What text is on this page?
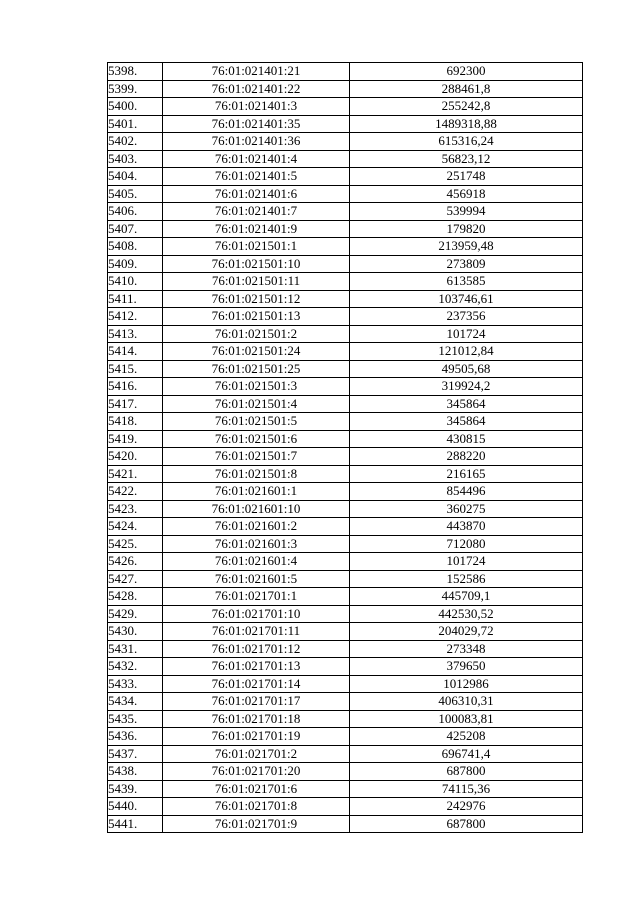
5398.	76:01:021401:21	692300
5399.	76:01:021401:22	288461,8
5400.	76:01:021401:3	255242,8
5401.	76:01:021401:35	1489318,88
5402.	76:01:021401:36	615316,24
5403.	76:01:021401:4	56823,12
5404.	76:01:021401:5	251748
5405.	76:01:021401:6	456918
5406.	76:01:021401:7	539994
5407.	76:01:021401:9	179820
5408.	76:01:021501:1	213959,48
5409.	76:01:021501:10	273809
5410.	76:01:021501:11	613585
5411.	76:01:021501:12	103746,61
5412.	76:01:021501:13	237356
5413.	76:01:021501:2	101724
5414.	76:01:021501:24	121012,84
5415.	76:01:021501:25	49505,68
5416.	76:01:021501:3	319924,2
5417.	76:01:021501:4	345864
5418.	76:01:021501:5	345864
5419.	76:01:021501:6	430815
5420.	76:01:021501:7	288220
5421.	76:01:021501:8	216165
5422.	76:01:021601:1	854496
5423.	76:01:021601:10	360275
5424.	76:01:021601:2	443870
5425.	76:01:021601:3	712080
5426.	76:01:021601:4	101724
5427.	76:01:021601:5	152586
5428.	76:01:021701:1	445709,1
5429.	76:01:021701:10	442530,52
5430.	76:01:021701:11	204029,72
5431.	76:01:021701:12	273348
5432.	76:01:021701:13	379650
5433.	76:01:021701:14	1012986
5434.	76:01:021701:17	406310,31
5435.	76:01:021701:18	100083,81
5436.	76:01:021701:19	425208
5437.	76:01:021701:2	696741,4
5438.	76:01:021701:20	687800
5439.	76:01:021701:6	74115,36
5440.	76:01:021701:8	242976
5441.	76:01:021701:9	687800
